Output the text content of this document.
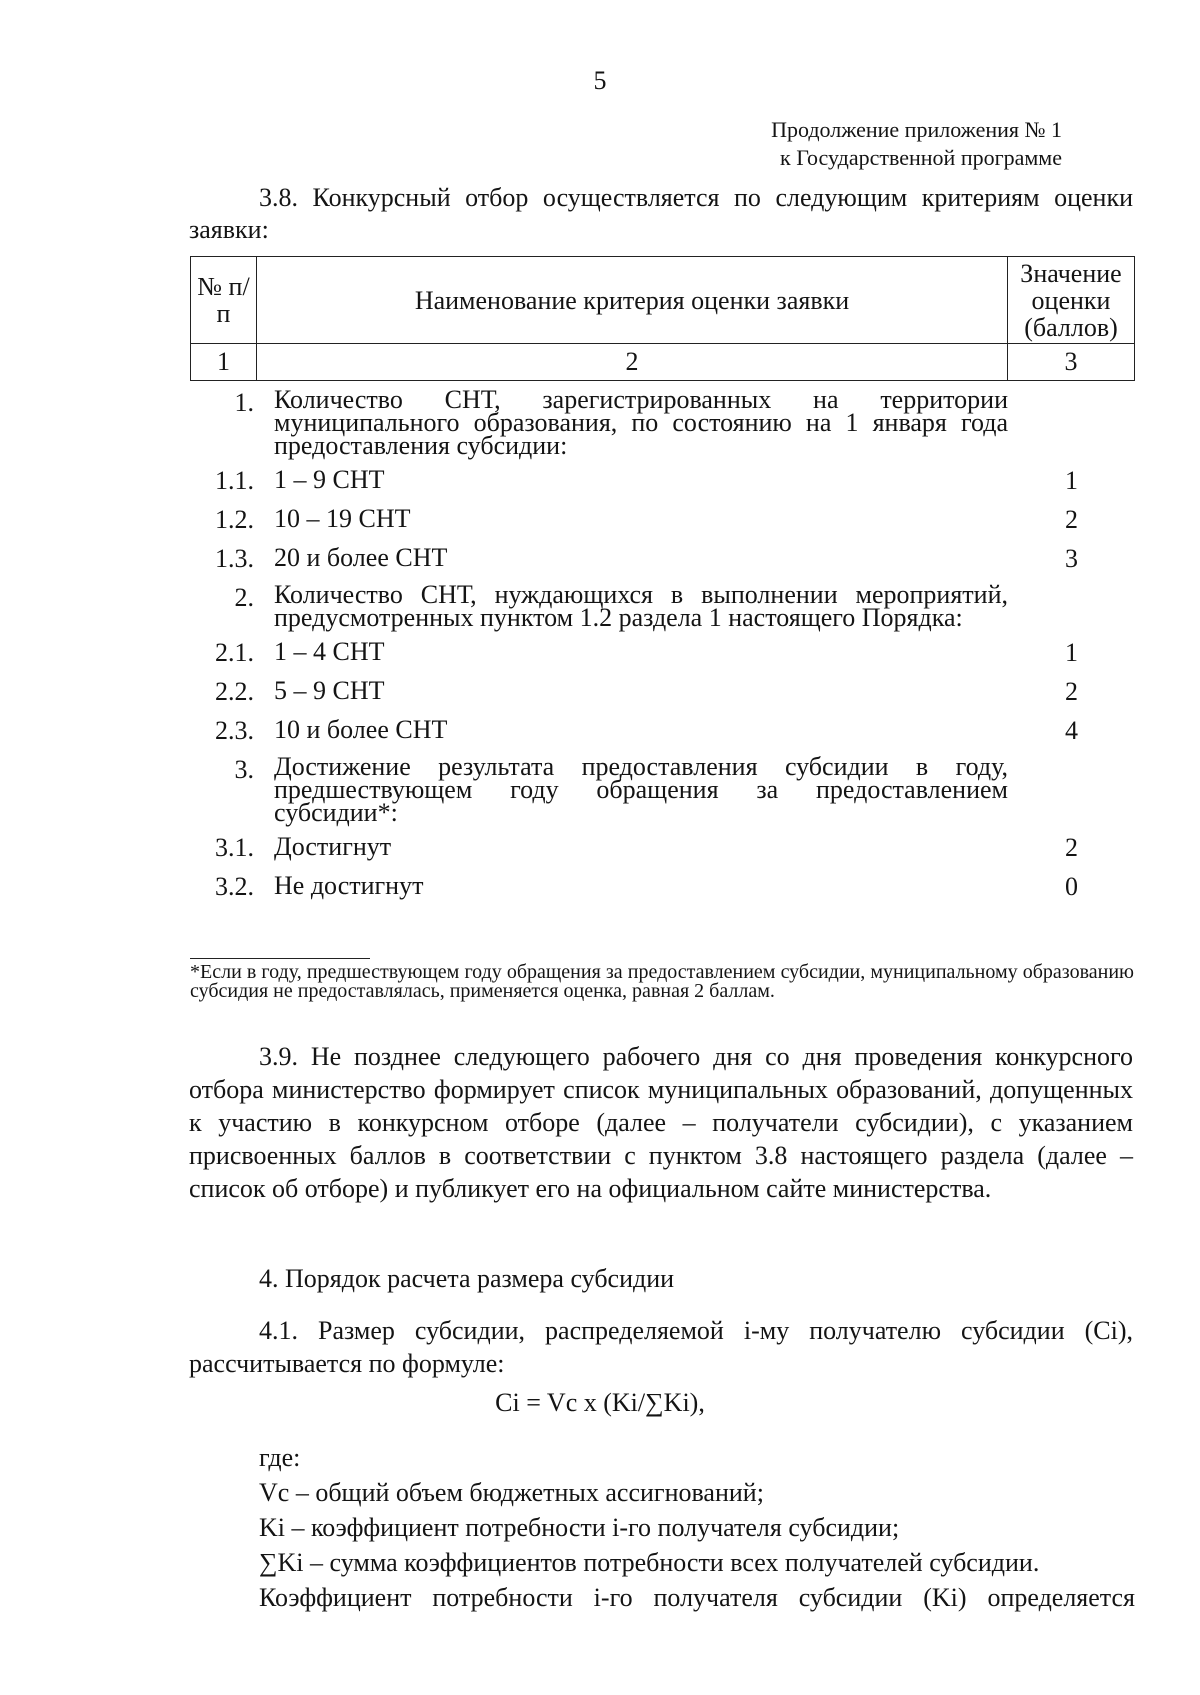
5
Продолжение приложения № 1
к Государственной программе
3.8. Конкурсный отбор осуществляется по следующим критериям оценки заявки:
№ п/п	Наименование критерия оценки заявки	Значение оценки (баллов)
1	2	3
1. Количество СНТ, зарегистрированных на территории муниципального образования, по состоянию на 1 января года предоставления субсидии:
1.1. 1 – 9 СНТ	1
1.2. 10 – 19 СНТ	2
1.3. 20 и более СНТ	3
2. Количество СНТ, нуждающихся в выполнении мероприятий, предусмотренных пунктом 1.2 раздела 1 настоящего Порядка:
2.1. 1 – 4 СНТ	1
2.2. 5 – 9 СНТ	2
2.3. 10 и более СНТ	4
3. Достижение результата предоставления субсидии в году, предшествующем году обращения за предоставлением субсидии*:
3.1. Достигнут	2
3.2. Не достигнут	0
*Если в году, предшествующем году обращения за предоставлением субсидии, муниципальному образованию субсидия не предоставлялась, применяется оценка, равная 2 баллам.
3.9. Не позднее следующего рабочего дня со дня проведения конкурсного отбора министерство формирует список муниципальных образований, допущенных к участию в конкурсном отборе (далее – получатели субсидии), с указанием присвоенных баллов в соответствии с пунктом 3.8 настоящего раздела (далее – список об отборе) и публикует его на официальном сайте министерства.
4. Порядок расчета размера субсидии
4.1. Размер субсидии, распределяемой i-му получателю субсидии (Сi), рассчитывается по формуле:
Сi = Vc x (Ki/∑Ki),
где:
Vc – общий объем бюджетных ассигнований;
Ki – коэффициент потребности i-го получателя субсидии;
∑Ki – сумма коэффициентов потребности всех получателей субсидии.
Коэффициент потребности i-го получателя субсидии (Ki) определяется
